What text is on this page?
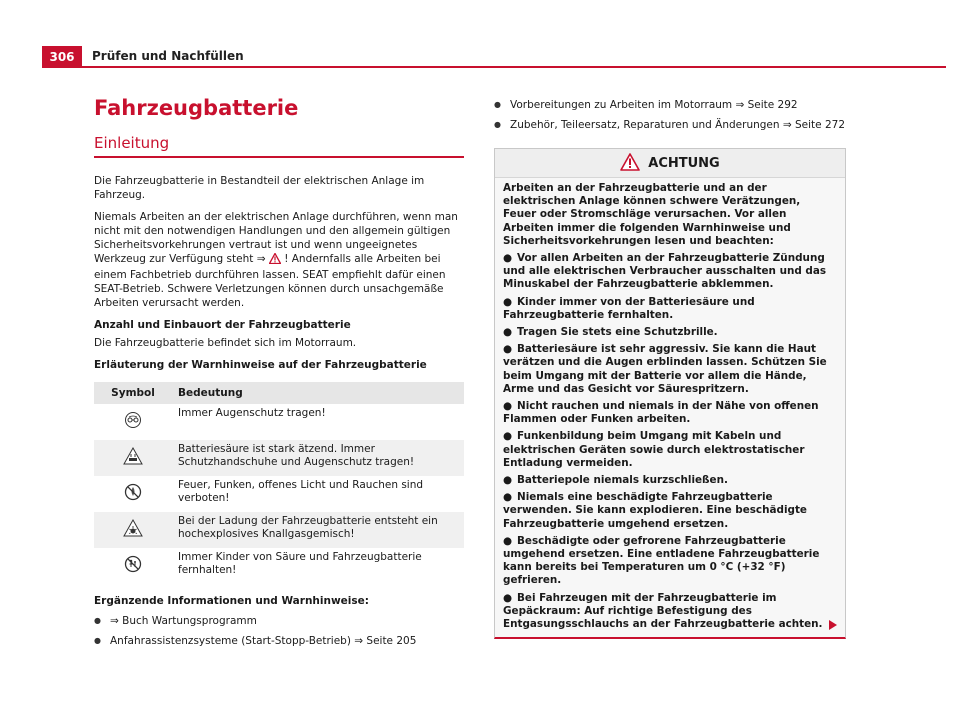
306	Prüfen und Nachfüllen
Fahrzeugbatterie
Einleitung

Die Fahrzeugbatterie in Bestandteil der elektrischen Anlage im Fahrzeug.

Niemals Arbeiten an der elektrischen Anlage durchführen, wenn man nicht mit den notwendigen Handlungen und den allgemein gültigen Sicherheitsvorkehrungen vertraut ist und wenn ungeeignetes Werkzeug zur Verfügung steht ⇒ ! Andernfalls alle Arbeiten bei einem Fachbetrieb durchführen lassen. SEAT empfiehlt dafür einen SEAT-Betrieb. Schwere Verletzungen können durch unsachgemäße Arbeiten verursacht werden.

Anzahl und Einbauort der Fahrzeugbatterie

Die Fahrzeugbatterie befindet sich im Motorraum.

Erläuterung der Warnhinweise auf der Fahrzeugbatterie

Symbol	Bedeutung
	Immer Augenschutz tragen!
	Batteriesäure ist stark ätzend. Immer Schutzhandschuhe und Augenschutz tragen!
	Feuer, Funken, offenes Licht und Rauchen sind verboten!
	Bei der Ladung der Fahrzeugbatterie entsteht ein hochexplosives Knallgasgemisch!
	Immer Kinder von Säure und Fahrzeugbatterie fernhalten!

Ergänzende Informationen und Warnhinweise:

● ⇒ Buch Wartungsprogramm
● Anfahrassistenzsysteme (Start-Stopp-Betrieb) ⇒ Seite 205
● Vorbereitungen zu Arbeiten im Motorraum ⇒ Seite 292
● Zubehör, Teileersatz, Reparaturen und Änderungen ⇒ Seite 272
ACHTUNG

Arbeiten an der Fahrzeugbatterie und an der elektrischen Anlage können schwere Verätzungen, Feuer oder Stromschläge verursachen. Vor allen Arbeiten immer die folgenden Warnhinweise und Sicherheitsvorkehrungen lesen und beachten:

● Vor allen Arbeiten an der Fahrzeugbatterie Zündung und alle elektrischen Verbraucher ausschalten und das Minuskabel der Fahrzeugbatterie abklemmen.
● Kinder immer von der Batteriesäure und Fahrzeugbatterie fernhalten.
● Tragen Sie stets eine Schutzbrille.
● Batteriesäure ist sehr aggressiv. Sie kann die Haut verätzen und die Augen erblinden lassen. Schützen Sie beim Umgang mit der Batterie vor allem die Hände, Arme und das Gesicht vor Säurespritzern.
● Nicht rauchen und niemals in der Nähe von offenen Flammen oder Funken arbeiten.
● Funkenbildung beim Umgang mit Kabeln und elektrischen Geräten sowie durch elektrostatischer Entladung vermeiden.
● Batteriepole niemals kurzschließen.
● Niemals eine beschädigte Fahrzeugbatterie verwenden. Sie kann explodieren. Eine beschädigte Fahrzeugbatterie umgehend ersetzen.
● Beschädigte oder gefrorene Fahrzeugbatterie umgehend ersetzen. Eine entladene Fahrzeugbatterie kann bereits bei Temperaturen um 0 °C (+32 °F) gefrieren.
● Bei Fahrzeugen mit der Fahrzeugbatterie im Gepäckraum: Auf richtige Befestigung des Entgasungsschlauchs an der Fahrzeugbatterie achten.
